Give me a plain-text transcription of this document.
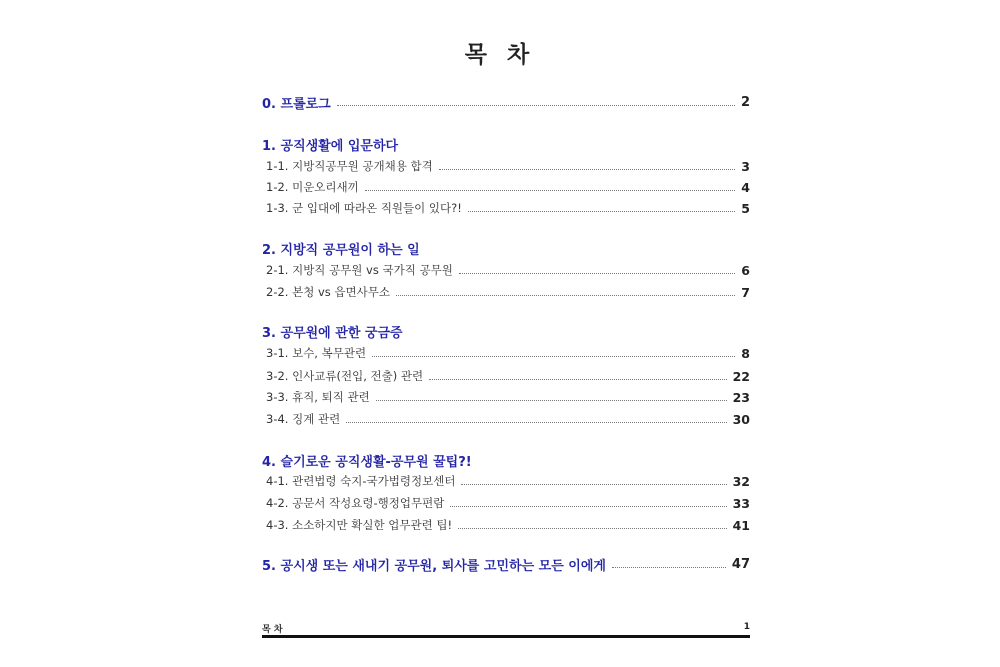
목 차
0. 프롤로그	2
1. 공직생활에 입문하다
1-1. 지방직공무원 공개채용 합격	3
1-2. 미운오리새끼	4
1-3. 군 입대에 따라온 직원들이 있다?!	5
2. 지방직 공무원이 하는 일
2-1. 지방직 공무원 vs 국가직 공무원	6
2-2. 본청 vs 읍면사무소	7
3. 공무원에 관한 궁금증
3-1. 보수, 복무관련	8
3-2. 인사교류(전입, 전출) 관련	22
3-3. 휴직, 퇴직 관련	23
3-4. 징계 관련	30
4. 슬기로운 공직생활-공무원 꿀팁?!
4-1. 관련법령 숙지-국가법령정보센터	32
4-2. 공문서 작성요령-행정업무편람	33
4-3. 소소하지만 확실한 업무관련 팁!	41
5. 공시생 또는 새내기 공무원, 퇴사를 고민하는 모든 이에게	47
목 차	1
